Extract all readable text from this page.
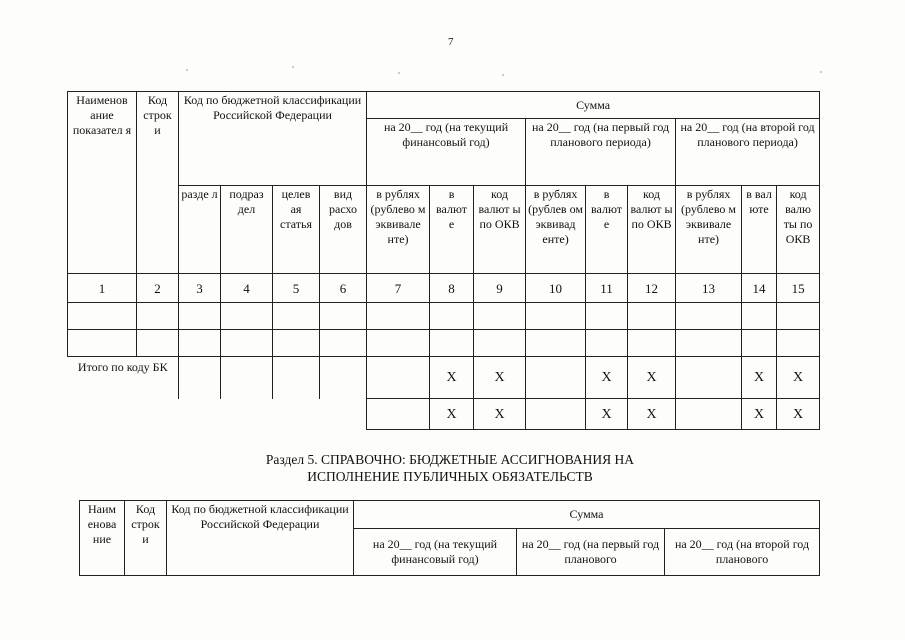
7
Наименов ание показател я	Код строк и	Код по бюджетной классификации Российской Федерации				Сумма								
						на 20__ год (на текущий финансовый год)			на 20__ год (на первый год планового периода)			на 20__ год (на второй год планового периода)		
		разде л	подраз дел	целев ая статья	вид расхо дов	в рублях (рублево м эквивале нте)	в валют е	код валют ы по ОКВ	в рублях (рублев ом эквивад енте)	в валют е	код валют ы по ОКВ	в рублях (рублево м эквивале нте)	в вал юте	код валю ты по ОКВ
1	2	3	4	5	6	7	8	9	10	11	12	13	14	15

Итого по коду БК							X	X		X	X		X	X
							X	X		X	X		X	X
Раздел 5. СПРАВОЧНО: БЮДЖЕТНЫЕ АССИГНОВАНИЯ НА
ИСПОЛНЕНИЕ ПУБЛИЧНЫХ ОБЯЗАТЕЛЬСТВ
Наим енова ние	Код строк и	Код по бюджетной классификации Российской Федерации	Сумма		
			на 20__ год (на текущий финансовый год)	на 20__ год (на первый год планового	на 20__ год (на второй год планового
